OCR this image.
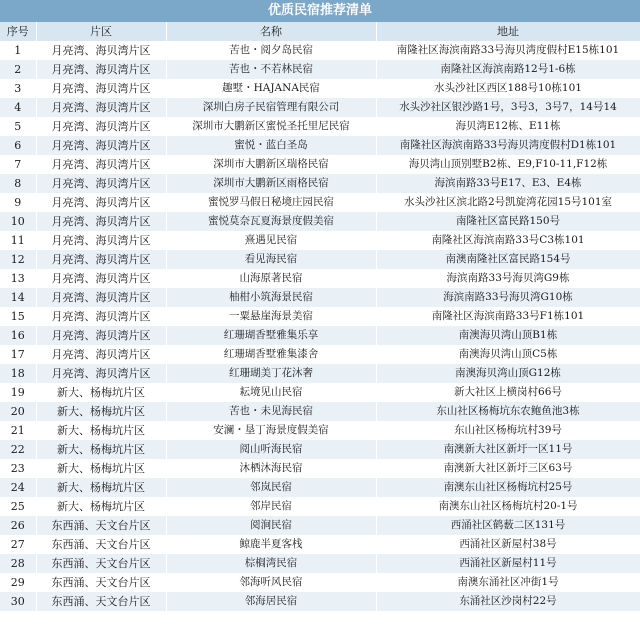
优质民宿推荐清单
序号	片区	名称	地址
1	月亮湾、海贝湾片区	苦也・阅夕岛民宿	南隆社区海滨南路33号海贝湾度假村E15栋101
2	月亮湾、海贝湾片区	苦也・不若林民宿	南隆社区海滨南路12号1-6栋
3	月亮湾、海贝湾片区	趣墅・HAJANA民宿	水头沙社区西区188号10栋101
4	月亮湾、海贝湾片区	深圳白房子民宿管理有限公司	水头沙社区银沙路1号，3号3，3号7，14号14
5	月亮湾、海贝湾片区	深圳市大鹏新区蜜悦圣托里尼民宿	海贝湾E12栋、E11栋
6	月亮湾、海贝湾片区	蜜悦・蓝白圣岛	南隆社区海滨南路33号海贝湾度假村D1栋101
7	月亮湾、海贝湾片区	深圳市大鹏新区瑞格民宿	海贝湾山顶别墅B2栋、E9,F10-11,F12栋
8	月亮湾、海贝湾片区	深圳市大鹏新区雨格民宿	海滨南路33号E17、E3、E4栋
9	月亮湾、海贝湾片区	蜜悦罗马假日秘境庄园民宿	水头沙社区滨北路2号凯旋湾花园15号101室
10	月亮湾、海贝湾片区	蜜悦莫奈瓦夏海景度假美宿	南隆社区富民路150号
11	月亮湾、海贝湾片区	熹遇见民宿	南隆社区海滨南路33号C3栋101
12	月亮湾、海贝湾片区	看见海民宿	南澳南隆社区富民路154号
13	月亮湾、海贝湾片区	山海原著民宿	海滨南路33号海贝湾G9栋
14	月亮湾、海贝湾片区	柚柑小筑海景民宿	海滨南路33号海贝湾G10栋
15	月亮湾、海贝湾片区	一粟悬崖海景美宿	南隆社区海滨南路33号F1栋101
16	月亮湾、海贝湾片区	红珊瑚香墅雅集乐享	南澳海贝湾山顶B1栋
17	月亮湾、海贝湾片区	红珊瑚香墅雅集漆舍	南澳海贝湾山顶C5栋
18	月亮湾、海贝湾片区	红珊瑚美丁花沐奢	南澳海贝湾山顶G12栋
19	新大、杨梅坑片区	耘境见山民宿	新大社区上横岗村66号
20	新大、杨梅坑片区	苦也・未见海民宿	东山社区杨梅坑东农鲍鱼池3栋
21	新大、杨梅坑片区	安澜・垦丁海景度假美宿	东山社区杨梅坑村39号
22	新大、杨梅坑片区	阅山听海民宿	南澳新大社区新圩一区11号
23	新大、杨梅坑片区	沐栖沐海民宿	南澳新大社区新圩三区63号
24	新大、杨梅坑片区	邻岚民宿	南澳东山社区杨梅坑村25号
25	新大、杨梅坑片区	邻岸民宿	南澳东山社区杨梅坑村20-1号
26	东西涌、天文台片区	阅涧民宿	西涌社区鹤薮二区131号
27	东西涌、天文台片区	鲸鹿半夏客栈	西涌社区新屋村38号
28	东西涌、天文台片区	棕榈湾民宿	西涌社区新屋村11号
29	东西涌、天文台片区	邻海听风民宿	南澳东涌社区冲街1号
30	东西涌、天文台片区	邻海居民宿	东涌社区沙岗村22号
